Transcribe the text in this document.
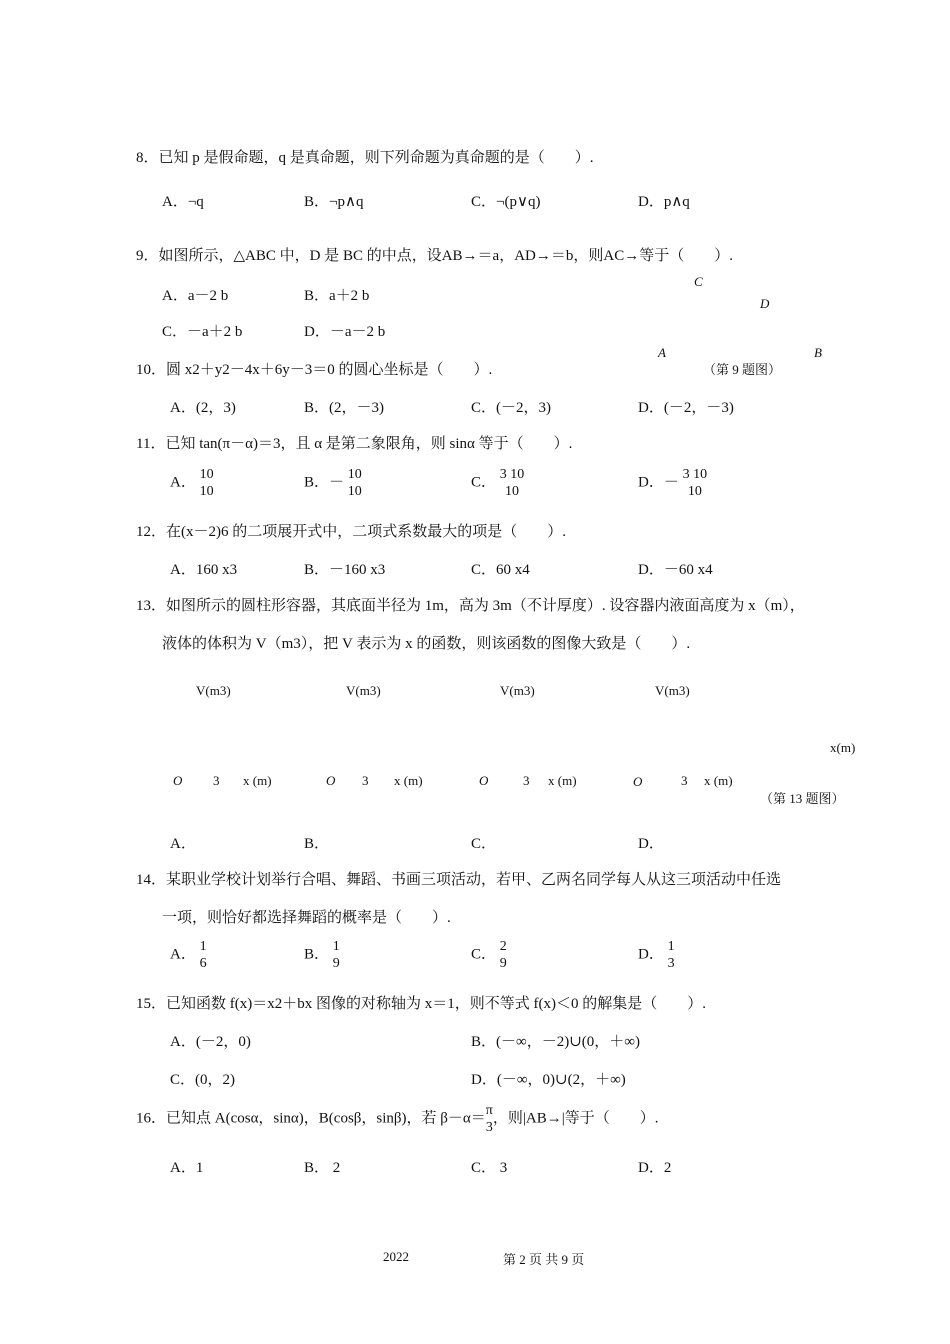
8．已知 p 是假命题，q 是真命题，则下列命题为真命题的是（　　）.
A．¬q	B．¬p∧q	C．¬(p∨q)	D．p∧q
9．如图所示，△ABC 中，D 是 BC 的中点，设AB→＝a，AD→＝b，则AC→等于（　　）.
A．a－2 b	B．a＋2 b
C．－a＋2 b	D．－a－2 b
C
D
A	B
（第 9 题图）
10．圆 x2＋y2－4x＋6y－3＝0 的圆心坐标是（　　）.
A．(2，3)	B．(2，－3)	C．(－2，3)	D．(－2，－3)
11．已知 tan(π－α)＝3，且 α 是第二象限角，则 sinα 等于（　　）.
A． 10
10
B．－ 10
10
C． 3 10
10
D．－ 3 10
10
12．在(x－2)6 的二项展开式中，二项式系数最大的项是（　　）.
A．160 x3	B．－160 x3	C．60 x4	D．－60 x4
13．如图所示的圆柱形容器，其底面半径为 1m，高为 3m（不计厚度）. 设容器内液面高度为 x（m），
液体的体积为 V（m3），把 V 表示为 x 的函数，则该函数的图像大致是（　　）.
V(m3)
O 3 x (m)
V(m3)
O 3 x (m)
V(m3)
O	3 x (m)
V(m3)
O	3 x (m)
x(m)
（第 13 题图）
A．	B．	C．	D．
14．某职业学校计划举行合唱、舞蹈、书画三项活动，若甲、乙两名同学每人从这三项活动中任选
一项，则恰好都选择舞蹈的概率是（　　）.
A． 1
6
B． 1
9
C． 2
9
D． 1
3
15．已知函数 f(x)＝x2＋bx 图像的对称轴为 x＝1，则不等式 f(x)＜0 的解集是（　　）.
A．(－2，0)	B．(－∞，－2)∪(0，＋∞)
C．(0，2)	D．(－∞，0)∪(2，＋∞)
16．已知点 A(cosα，sinα)，B(cosβ，sinβ)，若 β－α＝ π
3
，则|AB→|等于（　　）.
A．1	B． 2	C． 3	D．2
2022	第 2 页 共 9 页
